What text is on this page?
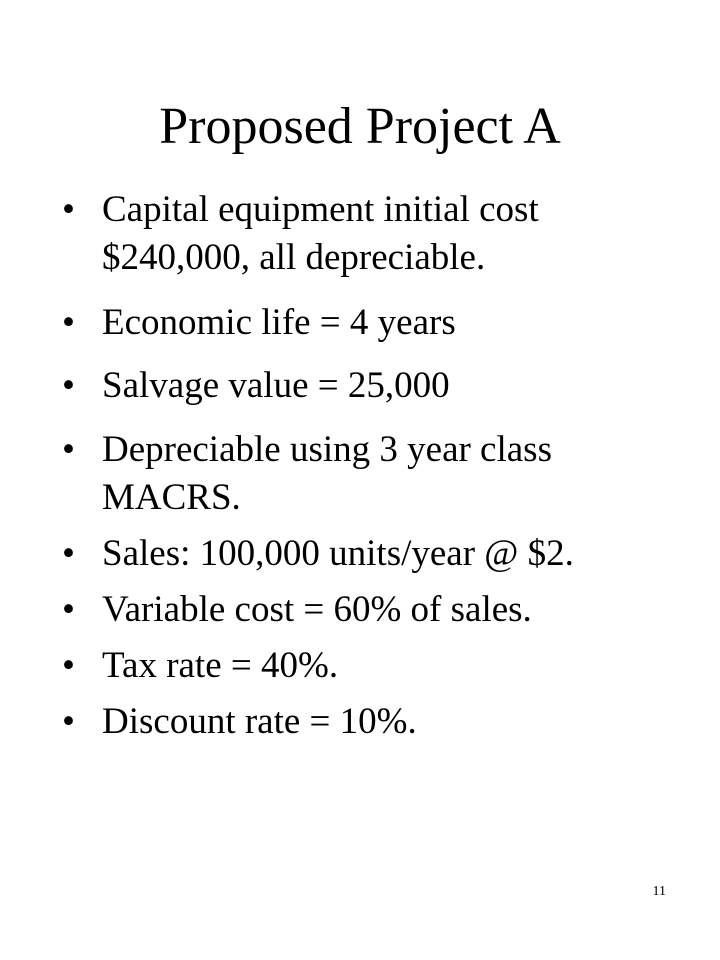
Proposed Project A
• Capital equipment initial cost $240,000, all depreciable.
• Economic life = 4 years
• Salvage value = 25,000
• Depreciable using 3 year class MACRS.
• Sales: 100,000 units/year @ $2.
• Variable cost = 60% of sales.
• Tax rate = 40%.
• Discount rate = 10%.
11
